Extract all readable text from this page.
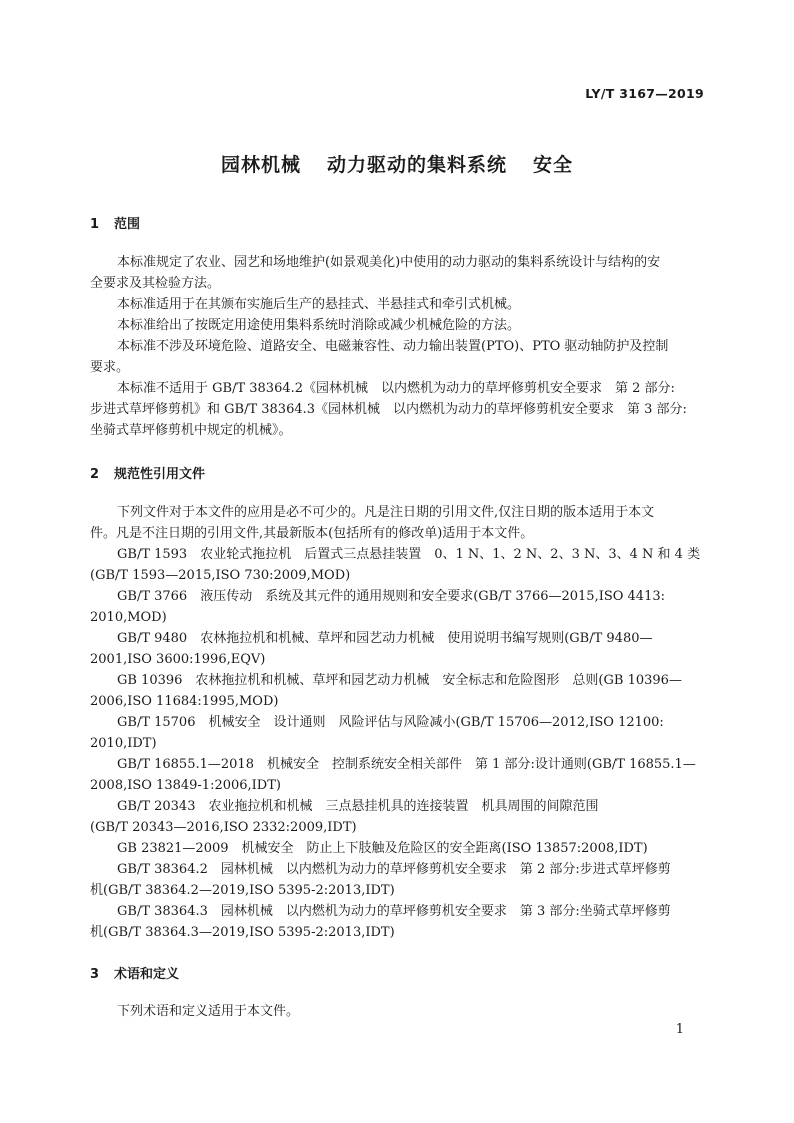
LY/T 3167—2019
园林机械 动力驱动的集料系统 安全
1 范围
本标准规定了农业、园艺和场地维护(如景观美化)中使用的动力驱动的集料系统设计与结构的安
全要求及其检验方法。
本标准适用于在其颁布实施后生产的悬挂式、半悬挂式和牵引式机械。
本标准给出了按既定用途使用集料系统时消除或减少机械危险的方法。
本标准不涉及环境危险、道路安全、电磁兼容性、动力输出装置(PTO)、PTO 驱动轴防护及控制
要求。
本标准不适用于 GB/T 38364.2《园林机械　以内燃机为动力的草坪修剪机安全要求　第 2 部分:
步进式草坪修剪机》和 GB/T 38364.3《园林机械　以内燃机为动力的草坪修剪机安全要求　第 3 部分:
坐骑式草坪修剪机中规定的机械》。
2 规范性引用文件
下列文件对于本文件的应用是必不可少的。凡是注日期的引用文件,仅注日期的版本适用于本文
件。凡是不注日期的引用文件,其最新版本(包括所有的修改单)适用于本文件。
GB/T 1593　农业轮式拖拉机　后置式三点悬挂装置　0、1 N、1、2 N、2、3 N、3、4 N 和 4 类
(GB/T 1593—2015,ISO 730:2009,MOD)
GB/T 3766　液压传动　系统及其元件的通用规则和安全要求(GB/T 3766—2015,ISO 4413:
2010,MOD)
GB/T 9480　农林拖拉机和机械、草坪和园艺动力机械　使用说明书编写规则(GB/T 9480—
2001,ISO 3600:1996,EQV)
GB 10396　农林拖拉机和机械、草坪和园艺动力机械　安全标志和危险图形　总则(GB 10396—
2006,ISO 11684:1995,MOD)
GB/T 15706　机械安全　设计通则　风险评估与风险减小(GB/T 15706—2012,ISO 12100:
2010,IDT)
GB/T 16855.1—2018　机械安全　控制系统安全相关部件　第 1 部分:设计通则(GB/T 16855.1—
2008,ISO 13849-1:2006,IDT)
GB/T 20343　农业拖拉机和机械　三点悬挂机具的连接装置　机具周围的间隙范围
(GB/T 20343—2016,ISO 2332:2009,IDT)
GB 23821—2009　机械安全　防止上下肢触及危险区的安全距离(ISO 13857:2008,IDT)
GB/T 38364.2　园林机械　以内燃机为动力的草坪修剪机安全要求　第 2 部分:步进式草坪修剪
机(GB/T 38364.2—2019,ISO 5395-2:2013,IDT)
GB/T 38364.3　园林机械　以内燃机为动力的草坪修剪机安全要求　第 3 部分:坐骑式草坪修剪
机(GB/T 38364.3—2019,ISO 5395-2:2013,IDT)
3 术语和定义
下列术语和定义适用于本文件。
1
